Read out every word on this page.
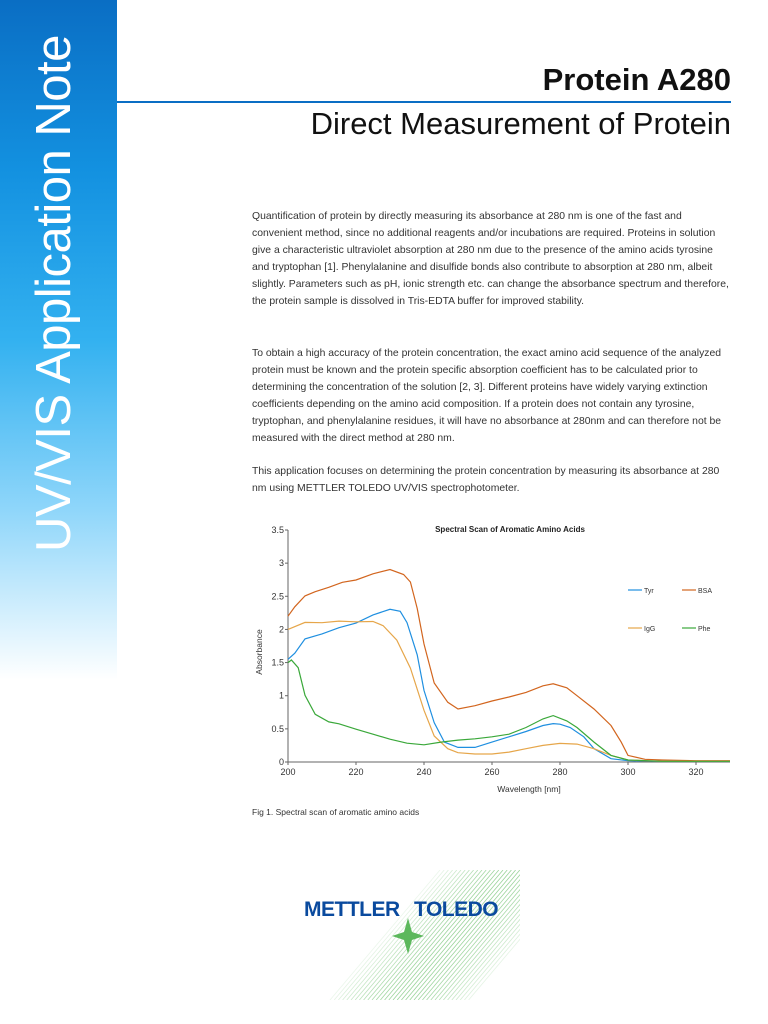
UV/VIS Application Note	Protein A280
Direct Measurement of Protein

Quantification of protein by directly measuring its absorbance at 280 nm is one of the fast and convenient method, since no additional reagents and/or incubations are required. Proteins in solution give a characteristic ultraviolet absorption at 280 nm due to the presence of the amino acids tyrosine and tryptophan [1]. Phenylalanine and disulfide bonds also contribute to absorption at 280 nm, albeit slightly. Parameters such as pH, ionic strength etc. can change the absorbance spectrum and therefore, the protein sample is dissolved in Tris-EDTA buffer for improved stability.

To obtain a high accuracy of the protein concentration, the exact amino acid sequence of the analyzed protein must be known and the protein specific absorption coefficient has to be calculated prior to determining the concentration of the solution [2, 3]. Different proteins have widely varying extinction coefficients depending on the amino acid composition. If a protein does not contain any tyrosine, tryptophan, and phenylalanine residues, it will have no absorbance at 280nm and can therefore not be measured with the direct method at 280 nm.

This application focuses on determining the protein concentration by measuring its absorbance at 280 nm using METTLER TOLEDO UV/VIS spectrophotometer.

0
0.5
1
1.5
2
2.5
3
3.5
200	220	240	260	280	300	320
Wavelength [nm]
Absorbance
Spectral Scan of Aromatic Amino Acids
Tyr	BSA
IgG	Phe

Fig 1. Spectral scan of aromatic amino acids

METTLER TOLEDO
